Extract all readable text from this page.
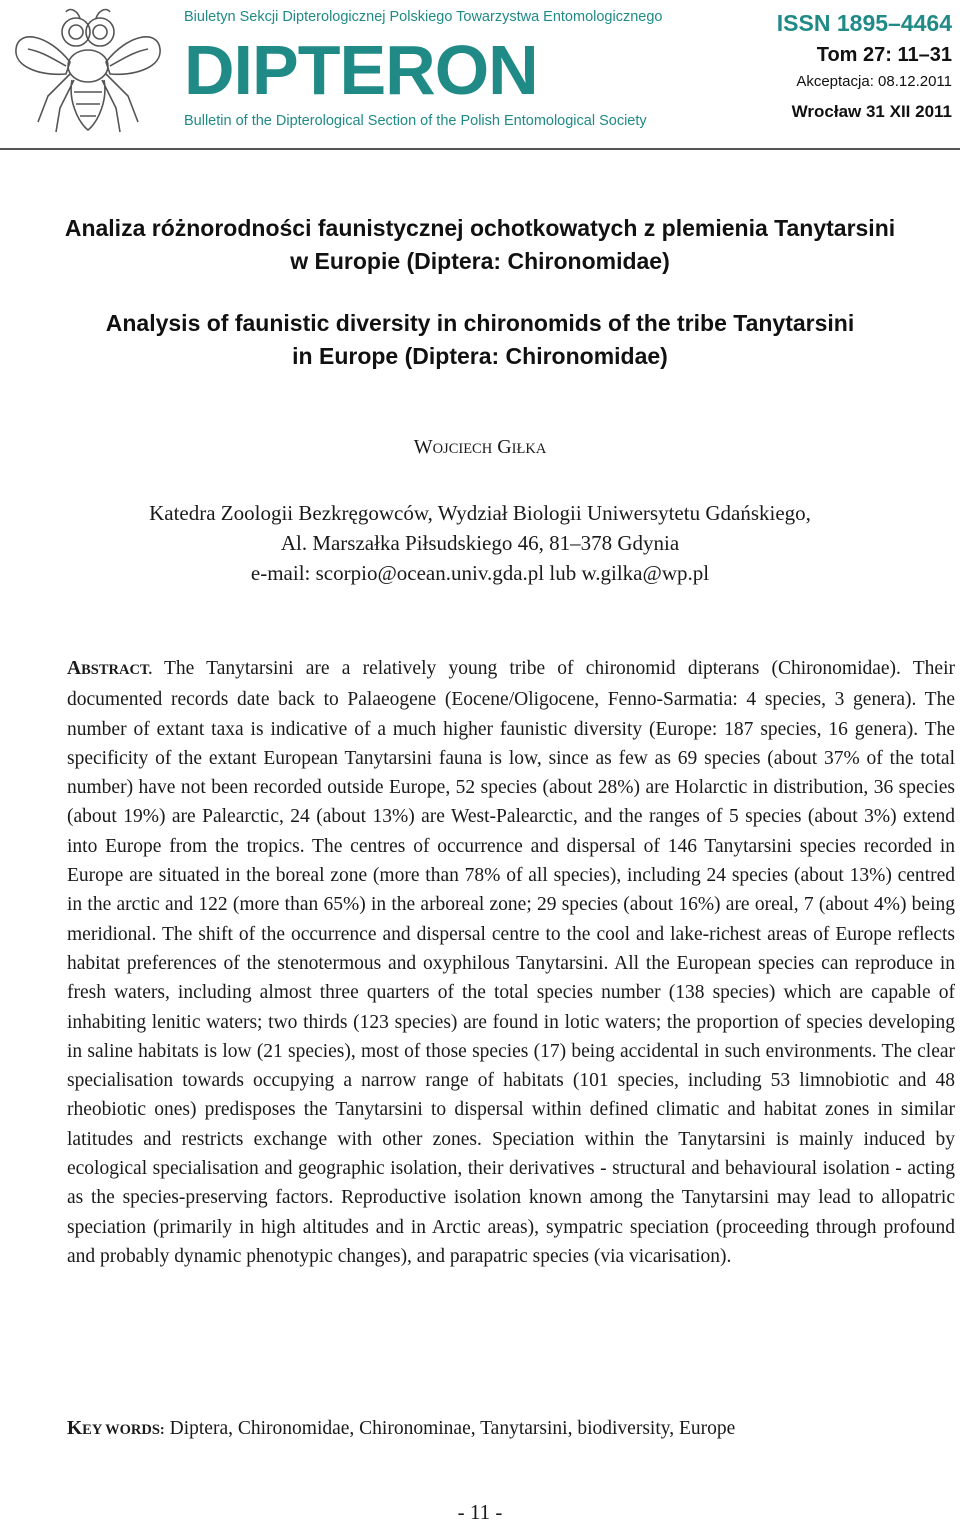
Biuletyn Sekcji Dipterologicznej Polskiego Towarzystwa Entomologicznego
DIPTERON
Bulletin of the Dipterological Section of the Polish Entomological Society
ISSN 1895–4464
Tom 27: 11–31
Akceptacja: 08.12.2011
Wrocław 31 XII 2011
Analiza różnorodności faunistycznej ochotkowatych z plemienia Tanytarsini
w Europie (Diptera: Chironomidae)
Analysis of faunistic diversity in chironomids of the tribe Tanytarsini
in Europe (Diptera: Chironomidae)
WOJCIECH GIŁKA
Katedra Zoologii Bezkręgowców, Wydział Biologii Uniwersytetu Gdańskiego,
Al. Marszałka Piłsudskiego 46, 81–378 Gdynia
e-mail: scorpio@ocean.univ.gda.pl lub w.gilka@wp.pl
ABSTRACT. The Tanytarsini are a relatively young tribe of chironomid dipterans (Chironomidae). Their documented records date back to Palaeogene (Eocene/Oligocene, Fenno-Sarmatia: 4 species, 3 genera). The number of extant taxa is indicative of a much higher faunistic diversity (Europe: 187 species, 16 genera). The specificity of the extant European Tanytarsini fauna is low, since as few as 69 species (about 37% of the total number) have not been recorded outside Europe, 52 species (about 28%) are Holarctic in distribution, 36 species (about 19%) are Palearctic, 24 (about 13%) are West-Palearctic, and the ranges of 5 species (about 3%) extend into Europe from the tropics. The centres of occurrence and dispersal of 146 Tanytarsini species recorded in Europe are situated in the boreal zone (more than 78% of all species), including 24 species (about 13%) centred in the arctic and 122 (more than 65%) in the arboreal zone; 29 species (about 16%) are oreal, 7 (about 4%) being meridional. The shift of the occurrence and dispersal centre to the cool and lake-richest areas of Europe reflects habitat preferences of the stenotermous and oxyphilous Tanytarsini. All the European species can reproduce in fresh waters, including almost three quarters of the total species number (138 species) which are capable of inhabiting lenitic waters; two thirds (123 species) are found in lotic waters; the proportion of species developing in saline habitats is low (21 species), most of those species (17) being accidental in such environments. The clear specialisation towards occupying a narrow range of habitats (101 species, including 53 limnobiotic and 48 rheobiotic ones) predisposes the Tanytarsini to dispersal within defined climatic and habitat zones in similar latitudes and restricts exchange with other zones. Speciation within the Tanytarsini is mainly induced by ecological specialisation and geographic isolation, their derivatives - structural and behavioural isolation - acting as the species-preserving factors. Reproductive isolation known among the Tanytarsini may lead to allopatric speciation (primarily in high altitudes and in Arctic areas), sympatric speciation (proceeding through profound and probably dynamic phenotypic changes), and parapatric species (via vicarisation).
KEY WORDS: Diptera, Chironomidae, Chironominae, Tanytarsini, biodiversity, Europe
- 11 -
